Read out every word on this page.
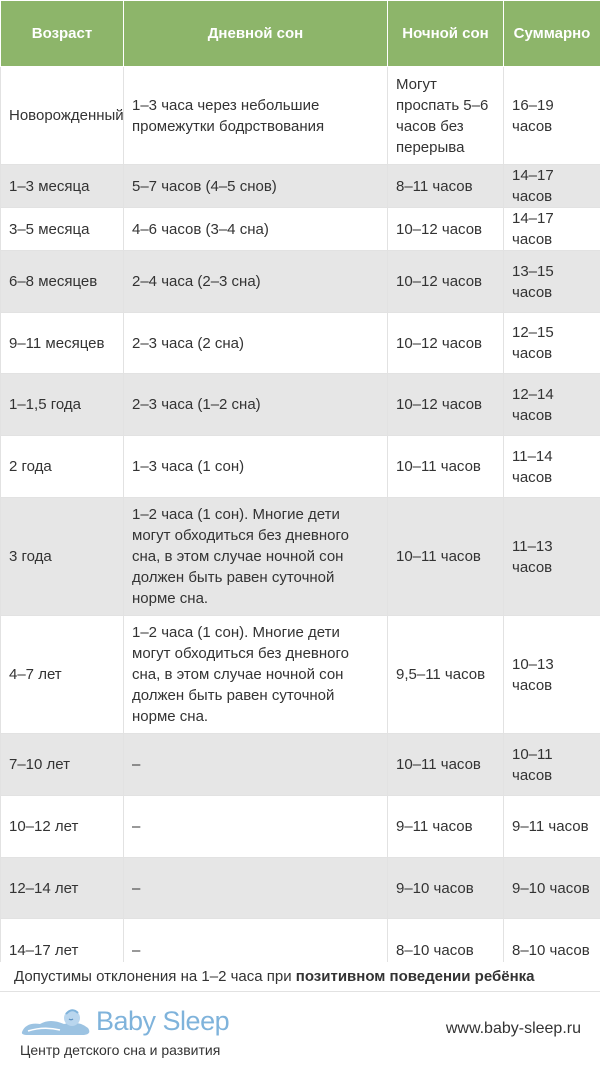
Возраст	Дневной сон	Ночной сон	Суммарно
Новорожденный	1–3 часа через небольшие промежутки бодрствования	Могут проспать 5–6 часов без перерыва	16–19 часов
1–3 месяца	5–7 часов (4–5 снов)	8–11 часов	14–17 часов
3–5 месяца	4–6 часов (3–4 сна)	10–12 часов	14–17 часов
6–8 месяцев	2–4 часа (2–3 сна)	10–12 часов	13–15 часов
9–11 месяцев	2–3 часа (2 сна)	10–12 часов	12–15 часов
1–1,5 года	2–3 часа (1–2 сна)	10–12 часов	12–14 часов
2 года	1–3 часа (1 сон)	10–11 часов	11–14 часов
3 года	1–2 часа (1 сон). Многие дети могут обходиться без дневного сна, в этом случае ночной сон должен быть равен суточной норме сна.	10–11 часов	11–13 часов
4–7 лет	1–2 часа (1 сон). Многие дети могут обходиться без дневного сна, в этом случае ночной сон должен быть равен суточной норме сна.	9,5–11 часов	10–13 часов
7–10 лет	–	10–11 часов	10–11 часов
10–12 лет	–	9–11 часов	9–11 часов
12–14 лет	–	9–10 часов	9–10 часов
14–17 лет	–	8–10 часов	8–10 часов
Допустимы отклонения на 1–2 часа при позитивном поведении ребёнка
Baby Sleep
Центр детского сна и развития
www.baby-sleep.ru
